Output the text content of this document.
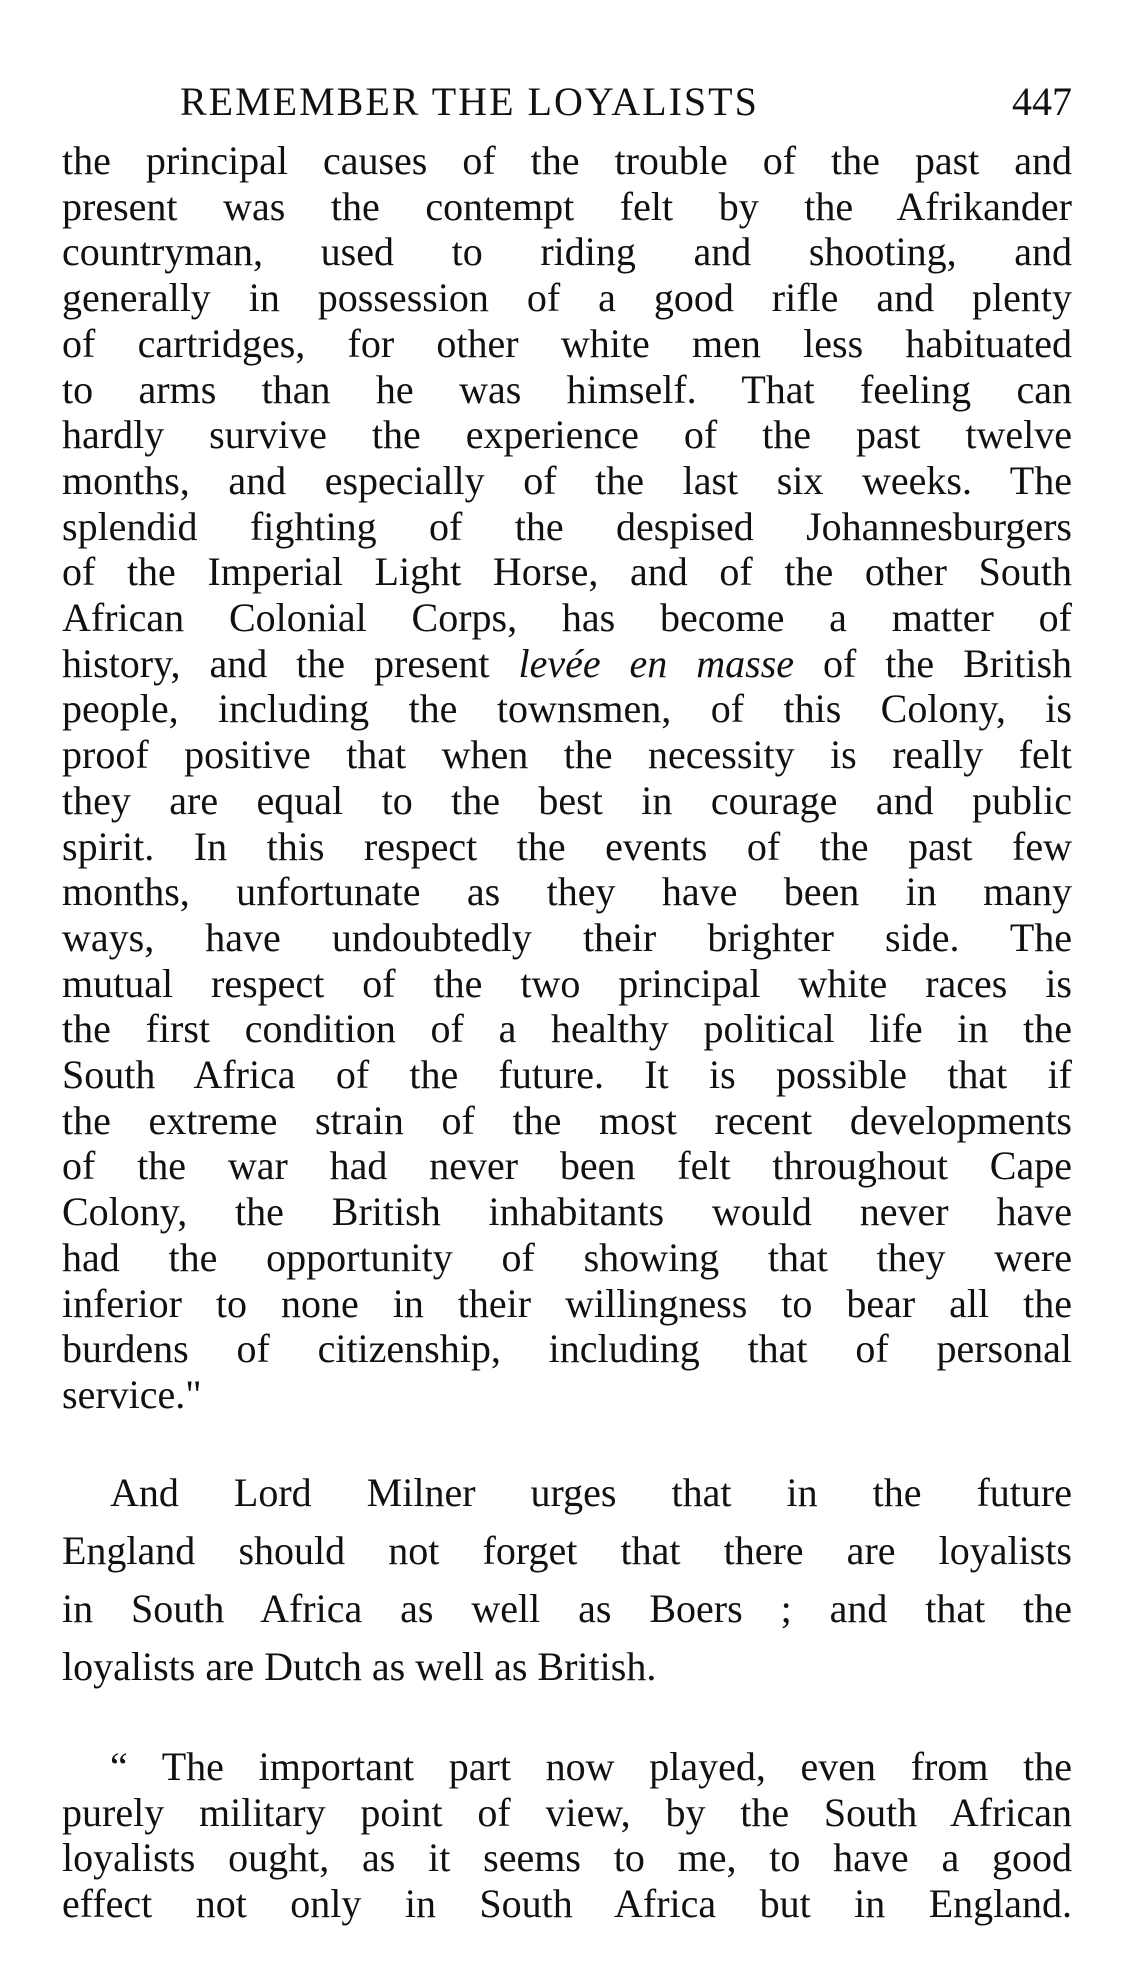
REMEMBER THE LOYALISTS	447
the principal causes of the trouble of the past and
present was the contempt felt by the Afrikander
countryman, used to riding and shooting, and
generally in possession of a good rifle and plenty
of cartridges, for other white men less habituated
to arms than he was himself. That feeling can
hardly survive the experience of the past twelve
months, and especially of the last six weeks. The
splendid fighting of the despised Johannesburgers
of the Imperial Light Horse, and of the other South
African Colonial Corps, has become a matter of
history, and the present levée en masse of the British
people, including the townsmen, of this Colony, is
proof positive that when the necessity is really felt
they are equal to the best in courage and public
spirit. In this respect the events of the past few
months, unfortunate as they have been in many
ways, have undoubtedly their brighter side. The
mutual respect of the two principal white races is
the first condition of a healthy political life in the
South Africa of the future. It is possible that if
the extreme strain of the most recent developments
of the war had never been felt throughout Cape
Colony, the British inhabitants would never have
had the opportunity of showing that they were
inferior to none in their willingness to bear all the
burdens of citizenship, including that of personal
service."
And Lord Milner urges that in the future
England should not forget that there are loyalists
in South Africa as well as Boers ; and that the
loyalists are Dutch as well as British.
“ The important part now played, even from the
purely military point of view, by the South African
loyalists ought, as it seems to me, to have a good
effect not only in South Africa but in England.
